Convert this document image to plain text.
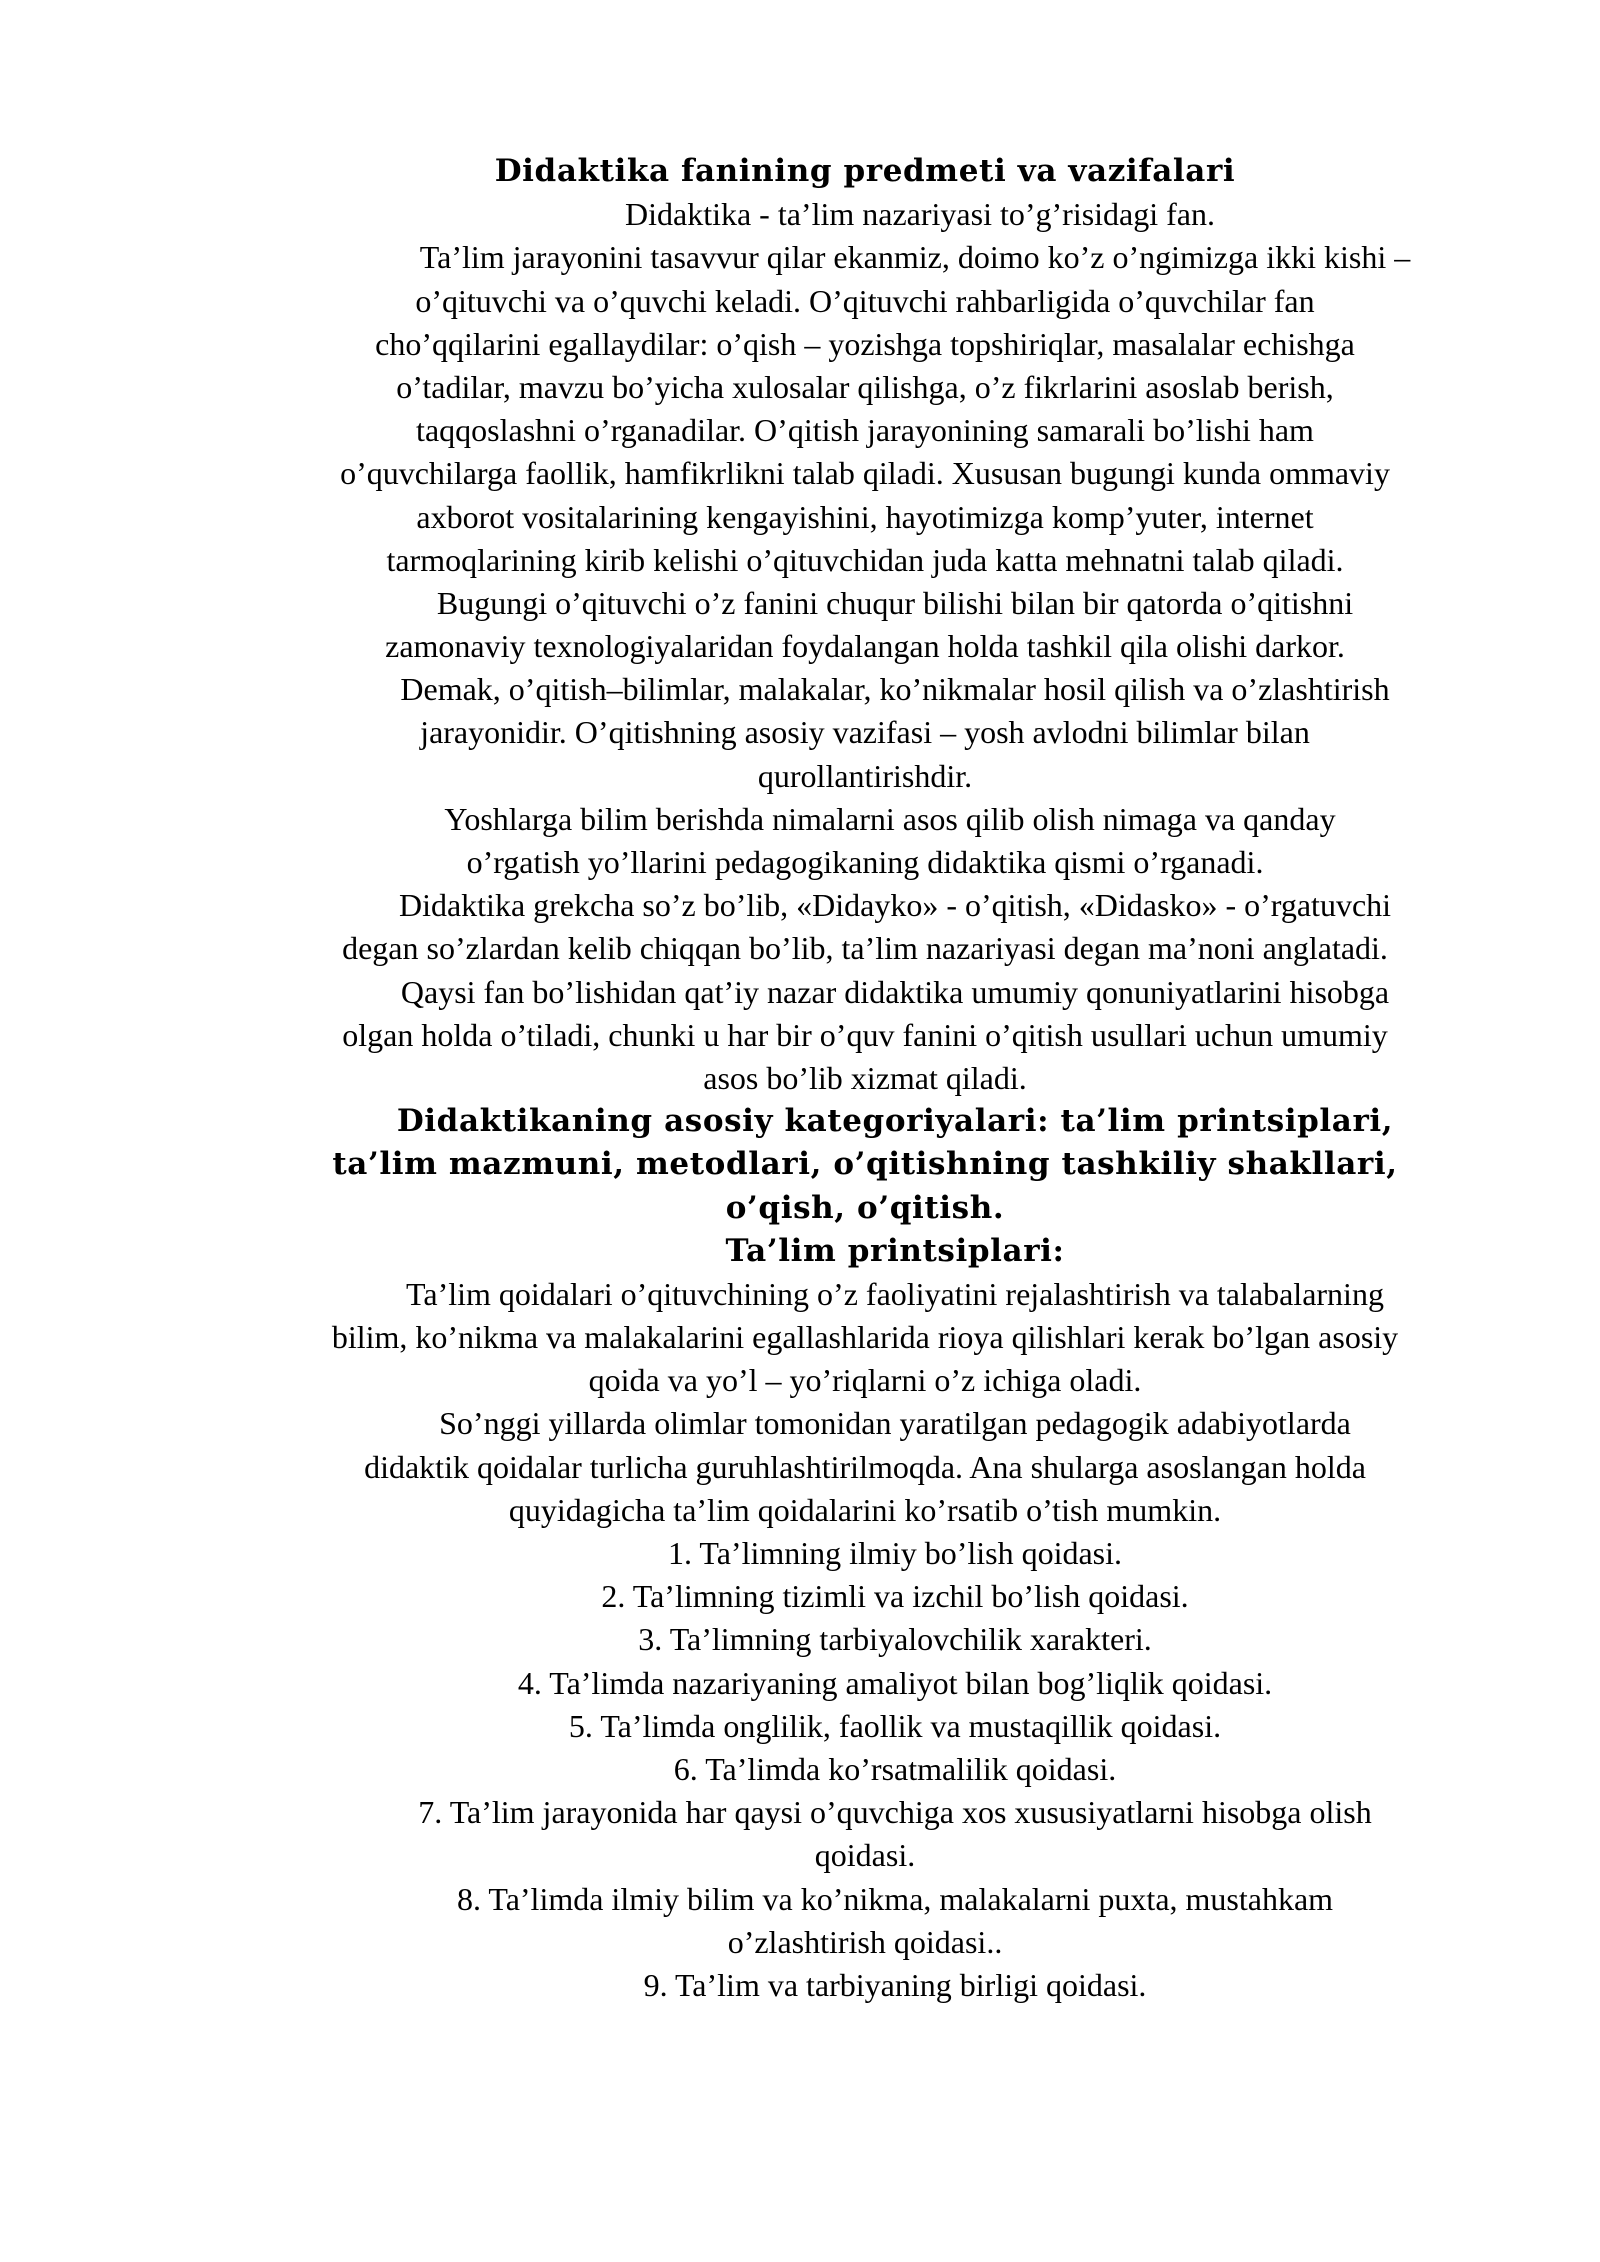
Didaktika fanining predmeti va vazifalari
Didaktika - ta’lim nazariyasi to’g’risidagi fan.
Ta’lim jarayonini tasavvur qilar ekanmiz, doimo ko’z o’ngimizga ikki kishi –
o’qituvchi va o’quvchi keladi. O’qituvchi rahbarligida o’quvchilar fan
cho’qqilarini egallaydilar: o’qish – yozishga topshiriqlar, masalalar echishga
o’tadilar, mavzu bo’yicha xulosalar qilishga, o’z fikrlarini asoslab berish,
taqqoslashni o’rganadilar. O’qitish jarayonining samarali bo’lishi ham
o’quvchilarga faollik, hamfikrlikni talab qiladi. Xususan bugungi kunda ommaviy
axborot vositalarining kengayishini, hayotimizga komp’yuter, internet
tarmoqlarining kirib kelishi o’qituvchidan juda katta mehnatni talab qiladi.
Bugungi o’qituvchi o’z fanini chuqur bilishi bilan bir qatorda o’qitishni
zamonaviy texnologiyalaridan foydalangan holda tashkil qila olishi darkor.
Demak, o’qitish–bilimlar, malakalar, ko’nikmalar hosil qilish va o’zlashtirish
jarayonidir. O’qitishning asosiy vazifasi – yosh avlodni bilimlar bilan
qurollantirishdir.
Yoshlarga bilim berishda nimalarni asos qilib olish nimaga va qanday
o’rgatish yo’llarini pedagogikaning didaktika qismi o’rganadi.
Didaktika grekcha so’z bo’lib, «Didayko» - o’qitish, «Didasko» - o’rgatuvchi
degan so’zlardan kelib chiqqan bo’lib, ta’lim nazariyasi degan ma’noni anglatadi.
Qaysi fan bo’lishidan qat’iy nazar didaktika umumiy qonuniyatlarini hisobga
olgan holda o’tiladi, chunki u har bir o’quv fanini o’qitish usullari uchun umumiy
asos bo’lib xizmat qiladi.
Didaktikaning asosiy kategoriyalari: ta’lim printsiplari,
ta’lim mazmuni, metodlari, o’qitishning tashkiliy shakllari,
o’qish, o’qitish.
Ta’lim printsiplari:
Ta’lim qoidalari o’qituvchining o’z faoliyatini rejalashtirish va talabalarning
bilim, ko’nikma va malakalarini egallashlarida rioya qilishlari kerak bo’lgan asosiy
qoida va yo’l – yo’riqlarni o’z ichiga oladi.
So’nggi yillarda olimlar tomonidan yaratilgan pedagogik adabiyotlarda
didaktik qoidalar turlicha guruhlashtirilmoqda. Ana shularga asoslangan holda
quyidagicha ta’lim qoidalarini ko’rsatib o’tish mumkin.
1. Ta’limning ilmiy bo’lish qoidasi.
2. Ta’limning tizimli va izchil bo’lish qoidasi.
3. Ta’limning tarbiyalovchilik xarakteri.
4. Ta’limda nazariyaning amaliyot bilan bog’liqlik qoidasi.
5. Ta’limda onglilik, faollik va mustaqillik qoidasi.
6. Ta’limda ko’rsatmalilik qoidasi.
7. Ta’lim jarayonida har qaysi o’quvchiga xos xususiyatlarni hisobga olish
qoidasi.
8. Ta’limda ilmiy bilim va ko’nikma, malakalarni puxta, mustahkam
o’zlashtirish qoidasi..
9. Ta’lim va tarbiyaning birligi qoidasi.
